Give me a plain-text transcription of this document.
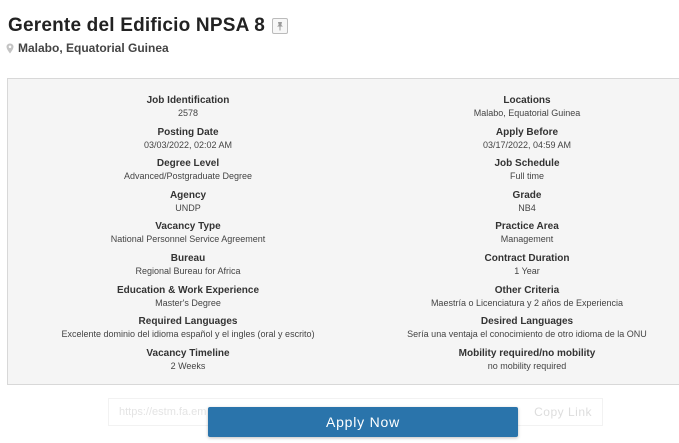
Gerente del Edificio NPSA 8
Malabo, Equatorial Guinea
Job Identification
2578
Posting Date
03/03/2022, 02:02 AM
Degree Level
Advanced/Postgraduate Degree
Agency
UNDP
Vacancy Type
National Personnel Service Agreement
Bureau
Regional Bureau for Africa
Education & Work Experience
Master's Degree
Required Languages
Excelente dominio del idioma español y el ingles (oral y escrito)
Vacancy Timeline
2 Weeks
Locations
Malabo, Equatorial Guinea
Apply Before
03/17/2022, 04:59 AM
Job Schedule
Full time
Grade
NB4
Practice Area
Management
Contract Duration
1 Year
Other Criteria
Maestría o Licenciatura y 2 años de Experiencia
Desired Languages
Sería una ventaja el conocimiento de otro idioma de la ONU
Mobility required/no mobility
no mobility required
https://estm.fa.em	Copy Link
Apply Now
